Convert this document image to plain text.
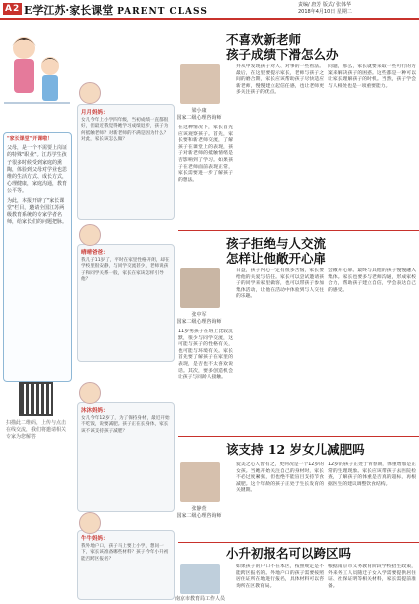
A2 E学江苏·家长课堂 PARENT CLASS
责编/ 唐芳 版式/ 张体华
2018年4月10日 星期二

"家长课堂"开课啦！

父母，是一个不需要上岗证的特殊"职业"。江苏学生孩子很多时候受到家庭的熏陶，体验到父母对学业也思维的生活方式、成长方式，心理健康，家庭沟通，教育公平等。

为此，本报开辟了"家长课堂"栏目，邀请全国江苏两级教育系统的专家学者名师，给家长们的问题把脉。

扫描此二维码，上传与点击在线交流，我们将邀请相关专家为您解答

月月妈妈：

女儿今年上小学四年级，当初成绩一直都很好，但最近我觉得她学习成绩退步，孩子为何抵触老师？对新老师的不满是因为什么？对此，家长该怎么做？

晴晴爸爸：

我儿子11岁了，平时在家里性格开朗，却在学校里很安静，与同学交流甚少，老师说孩子和同学关系一般，家长在家该怎样引导他？

沐沐妈妈：

女儿今年12岁了，为了保持身材，最近开始不吃饭，说要减肥。孩子正在长身体，家长该不该支持孩子减肥？

牛牛妈妈：

我外地户口，孩子马上要上小学，想问一下，家长该准备哪些材料？孩子今年小升初能否跨区报名？

不喜欢新老师
孩子成绩下滑怎么办
梁小康
国家二级心理咨询师
在这种情况下，家长首先应该观察孩子。首先，家长要和新老师交流，了解孩子在课堂上的表现，孩子对新老师的抵触情绪是否影响到了学习。如果孩子在老师面前表现正常，家长需要进一步了解孩子的想法。
并从中发现孩子对人、对事的一些看法。最后，在这里要提示家长，老师与孩子之间的磨合期，家长应该帮助孩子尽快适应新老师，慢慢建立起信任感，也让老师更多关注孩子的优点。
问题，那么，家长就要采取一些可行的方案来解决孩子的困惑。这些都是一种可以让家长理解孩子的时机。当然，孩子学会与人相处也是一项重要能力。
孩子拒绝与人交流
怎样让他敞开心扉
张中军
国家二级心理咨询师
11岁男孩子在班上比较沉默，很少与同学交流，这可能与孩子的性格有关，也可能与环境有关。家长首先要了解孩子在家里的表现，是否也不太喜欢说话。其次，要多创造机会让孩子与同龄人接触。
日益，孩子内心一定有很多苦恼，家长要给他的关爱与信任。家长可以尝试邀请孩子的同学来家里做客，也可以带孩子参加集体活动，让他在活动中体验到与人交往的乐趣。
会敞开心扉。最终与其他的孩子慢慢融入集体。家长也要多与老师沟通，形成家校合力，帮助孩子建立自信，学会表达自己的感受。
该支持 12 岁女儿减肥吗
张静萱
国家二级心理咨询师
爱美之心人皆有之，更何况是一个12岁的女孩。当她开始关注自己的身材时，家长不必过度紧张，但也绝不能盲目支持节食减肥。这个年龄的孩子正处于生长发育的关键期。
12岁的孩子正处于青春期，体重增加是正常的生理现象。家长应该带孩子去医院检查，了解孩子的体重是否真的超标，再根据医生的建议调整饮食结构。
小升初报名可以跨区吗
南京市教育局工作人员
如果孩子的户口不在本区，按照规定是不能跨区报名的。外地户口的孩子需要按照居住证所在地进行报名，具体材料可以咨询所在区教育局。
根据南京市义务教育阶段学校招生政策，外来务工人员随迁子女入学需要提供居住证、社保证明等相关材料，家长需提前准备。
